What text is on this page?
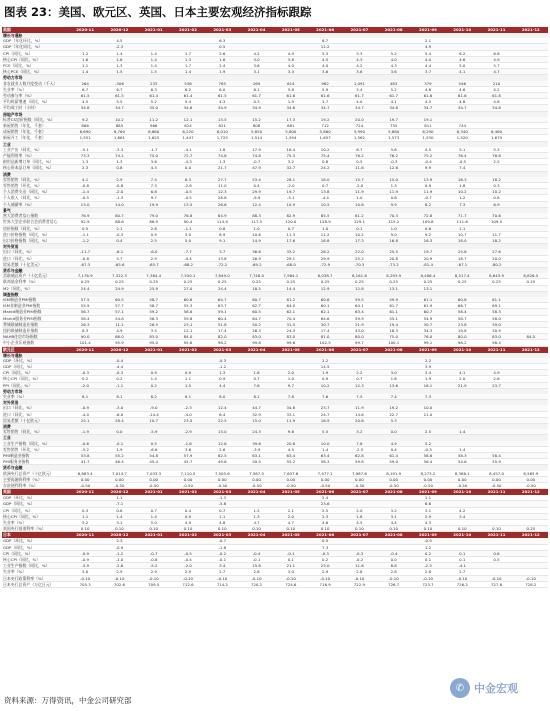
图表 23：美国、欧元区、英国、日本主要宏观经济指标跟踪
美国	2020-11	2020-12	2021-01	2021-02	2021-03	2021-04	2021-05	2021-06	2021-07	2021-08	2021-09	2021-10	2021-11	2021-12
增长与通胀														
GDP（年化环比，%）		4.5			6.3			6.7			2.1			
GDP（年化同比，%）		-2.3			0.5			12.2			4.9			
CPI（同比，%）	1.2	1.4	1.4	1.7	2.6	4.2	4.9	5.3	5.3	5.2	5.4	6.2	6.8	
核心CPI（同比，%）	1.6	1.6	1.4	1.3	1.6	3.0	3.8	4.5	4.3	4.0	4.0	4.6	4.9	
PCE（同比，%）	1.1	1.3	1.4	1.7	2.4	3.6	4.0	4.0	4.2	4.3	4.4	5.0	5.7	
核心PCE（同比，%）	1.4	1.5	1.5	1.4	1.9	3.1	3.4	3.6	3.6	3.6	3.7	4.1	4.7	
劳动力市场														
非农就业人数月度变动（千人）	264	-306	233	536	785	269	614	962	1,091	483	379	546	210	
失业率（%）	6.7	6.7	6.3	6.2	6.0	6.1	5.8	5.9	5.4	5.2	4.8	4.6	4.2	
劳动参与率（%）	61.5	61.5	61.4	61.4	61.5	61.7	61.6	61.6	61.7	61.7	61.6	61.6	61.8	
平均时薪增速（同比，%）	4.5	5.5	5.2	5.4	4.3	0.3	1.9	3.7	4.0	4.1	4.5	4.8	4.8	
平均周工时（小时）	34.8	34.7	35.0	34.6	34.9	34.9	34.8	34.7	34.7	34.8	34.7	34.7	34.8	
房地产市场														
标普CS房价指数（同比，%）	9.2	10.2	11.2	12.1	13.5	15.2	17.3	19.2	20.0	19.7	19.1			
新屋销售（年化，千套）	866	885	966	824	821	808	681	712	724	735	811	744		
成屋销售（年化，千套）	6,690	6,760	6,660	6,220	6,010	5,850	5,800	5,860	5,990	5,880	6,290	6,340	6,460	
新屋开工（年化，千套）	1,551	1,661	1,625	1,447	1,725	1,514	1,594	1,657	1,562	1,573	1,530	1,520	1,679	
工业														
工业产出（同比，%）	-5.1	-3.3	-1.7	-4.1	1.8	17.9	16.4	10.2	6.7	5.6	4.5	5.1	5.3	
产能利用率（%）	73.3	74.1	75.0	72.7	74.8	74.8	75.3	75.4	76.2	76.2	75.2	76.4	76.8	
耐用品新增订单（同比，%）	1.3	1.3	3.6	-4.3	1.3	-0.7	3.2	0.8	0.5	-0.3	-0.4	-0.5	2.5	
核心资本品订单（同比，%）	2.3	0.8	4.3	0.0	21.7	47.9	32.7	24.2	11.6	12.6	9.9	7.4		
消费														
零售销售（同比，%）	4.1	2.9	7.4	6.3	27.7	53.4	28.1	18.0	15.7	15.0	13.9	16.3	18.2	
零售销售（环比，%）	-0.8	-0.8	7.3	-2.8	11.0	0.4	-2.0	0.7	-2.0	1.3	0.9	1.8	0.3	
个人消费支出（同比，%）	-1.4	-2.0	6.8	-0.5	12.3	29.9	19.7	13.8	11.9	11.9	11.9	10.2	10.2	
个人收入（同比，%）	-0.5	-1.3	9.7	-0.5	28.8	-9.9	-5.1	-4.4	1.0	0.8	-0.7	1.2	0.8	
个人储蓄率（%）	13.0	14.0	19.9	13.5	26.6	12.4	10.9	10.5	10.6	9.9	8.2	7.3	6.9	
景气														
密大消费者信心指数	76.9	80.7	79.0	76.8	84.9	88.3	82.9	85.5	81.2	70.3	72.8	71.7	70.6	
世界大型企业联合会消费者信心	92.9	88.6	88.9	90.4	114.9	117.5	120.0	128.9	129.1	115.2	109.8	111.6	109.5	
房价指数（同比，%）	0.5	2.1	2.8	-1.1	0.6	1.0	0.7	1.0	0.1	1.0	0.6	1.1		
进口价格指数（同比，%）	-1.1	-0.3	0.9	3.0	6.9	10.6	11.3	11.2	10.2	9.0	9.2	10.7	11.7	
出口价格指数（同比，%）	-1.2	0.4	2.5	5.0	9.1	14.9	17.6	16.8	17.3	16.8	16.3	18.0	18.2	
对外贸易														
出口（同比，%）	-11.7	-6.1	-6.0	-7.7	3.7	36.6	33.2	28.2	22.0	25.5	19.7	25.8	27.6	
进口（同比，%）	-0.8	5.7	2.9	-0.4	13.8	26.9	29.1	29.9	25.2	20.8	20.9	18.7	20.0	
贸易差额（十亿美元）	-67.3	-65.6	-65.7	-68.2	-72.2	-69.2	-68.0	-72.9	-70.3	-73.2	-81.4	-67.1	-80.2	
货币与金融														
美联储总资产（十亿美元）	7,176.9	7,322.3	7,364.4	7,550.1	7,849.0	7,748.0	7,964.1	8,038.7	8,161.8	8,293.9	8,406.4	8,517.4	8,643.9	8,826.5
联邦基金利率（%）	0.25	0.25	0.25	0.25	0.25	0.25	0.25	0.25	0.25	0.25	0.25	0.25	0.25	0.25
M2（同比，%）	24.4	24.9	25.9	27.0	24.4	18.5	14.4	12.9	12.8	13.1	13.1			
调查指数														
ISM制造业PMI指数	57.5	60.5	58.7	60.8	64.7	60.7	61.2	60.6	59.5	59.9	61.1	60.8	61.1	
ISM非制造业PMI指数	55.9	57.7	58.7	55.3	63.7	62.7	64.0	60.1	64.1	61.7	61.9	66.7	69.1	
Markit制造业PMI指数	56.7	57.1	59.2	58.6	59.1	60.5	62.1	62.1	63.4	61.1	60.7	58.4	58.3	
Markit服务业PMI指数	58.4	54.8	58.3	59.8	60.4	64.7	70.4	64.6	59.9	55.1	54.9	58.7	58.0	
费城联储制造业指数	26.3	11.1	26.5	23.1	51.8	50.2	31.5	30.7	21.9	19.4	30.7	23.8	39.0	
纽约联储制造业指数	6.3	4.9	3.5	12.1	17.4	26.3	24.3	17.4	43.0	18.3	34.3	19.8	30.9	
NAHB住房市场指数	90.0	86.0	83.0	84.0	82.0	83.0	83.0	81.0	80.0	75.0	76.0	80.0	83.0	84.0
中小企业乐观指数	101.4	95.9	95.0	95.8	98.2	99.8	99.6	102.5	99.7	100.1	99.1	98.2	98.4	
欧元区	2020-11	2020-12	2021-01	2021-02	2021-03	2021-04	2021-05	2021-06	2021-07	2021-08	2021-09	2021-10	2021-11	2021-12
增长与通胀														
GDP（环比，%）		-0.4			-0.3			2.2			2.2			
GDP（同比，%）		-4.4			-1.2			14.5			3.9			
CPI（同比，%）	-0.3	-0.3	0.9	0.9	1.3	1.6	2.0	1.9	2.2	3.0	3.4	4.1	4.9	
核心CPI（同比，%）	0.2	0.2	1.4	1.1	0.9	0.7	1.0	0.9	0.7	1.6	1.9	2.0	2.6	
PPI（同比，%）	-2.0	-1.1	0.2	1.5	4.4	7.6	9.7	10.2	12.3	13.6	16.1	21.9	23.7	
劳动力市场														
失业率（%）	8.1	8.1	8.2	8.1	8.0	8.1	7.8	7.6	7.5	7.4	7.3			
对外贸易														
出口（同比，%）	-0.9	-3.0	-9.0	-2.3	12.4	44.7	34.8	23.7	11.9	19.2	10.0			
进口（同比，%）	-4.0	-6.0	-14.4	-4.0	6.4	32.9	33.1	24.7	14.6	22.7	21.0			
贸易差额（十亿欧元）	25.1	28.4	10.7	23.5	22.5	15.0	11.9	16.9	20.6	5.3				
消费														
零售销售（同比，%）	-1.9	0.0	-5.9	-2.9	13.0	24.3	9.6	5.5	3.2	0.0	2.5	1.4		
工业														
工业生产指数（同比，%）	-0.6	-0.1	0.5	-1.6	12.6	39.6	20.6	10.0	7.8	4.9	5.2			
零售销售（环比，%）	-5.2	1.9	-6.6	3.6	2.6	-3.9	4.5	1.4	-2.5	0.4	-0.3	1.4		
PMI制造业指数	53.8	55.2	54.8	57.9	62.5	63.1	63.4	63.4	62.8	61.4	58.6	58.3	58.4	
PMI服务业指数	41.7	46.4	45.4	45.7	49.6	50.5	55.2	58.3	59.8	59.0	56.4	54.6	55.9	
货币与金融														
欧洲央行总资产（十亿欧元）	6,883.4	7,014.7	7,033.3	7,110.5	7,505.6	7,587.5	7,657.6	7,977.1	7,987.6	8,191.9	8,273.2	8,386.1	8,457.0	8,565.9
主要再融资利率（%）	0.00	0.00	0.00	0.00	0.00	0.00	0.00	0.00	0.00	0.00	0.00	0.00	0.00	0.00
存款便利利率（%）	-0.50	-0.50	-0.50	-0.50	-0.50	-0.50	-0.50	-0.50	-0.50	-0.50	-0.50	-0.50	-0.50	-0.50
英国	2020-11	2020-12	2021-01	2021-02	2021-03	2021-04	2021-05	2021-06	2021-07	2021-08	2021-09	2021-10	2021-11	2021-12
GDP（环比，%）		1.1			-1.3			5.4			1.1			
GDP（同比，%）		-7.1			-5.8			23.6			6.6			
CPI（同比，%）	0.3	0.6	0.7	0.4	0.7	1.5	2.1	2.5	2.0	3.2	3.1	4.2		
核心CPI（同比，%）	1.1	1.4	1.4	0.9	1.1	1.3	2.0	2.3	1.8	3.1	2.9	3.4		
失业率（%）	5.2	5.1	5.0	4.9	4.8	4.7	4.7	4.6	4.5	4.4	4.3			
英国央行基准利率（%）	0.10	0.10	0.10	0.10	0.10	0.10	0.10	0.10	0.10	0.10	0.10	0.10	0.10	0.25
日本	2020-11	2020-12	2021-01	2021-02	2021-03	2021-04	2021-05	2021-06	2021-07	2021-08	2021-09	2021-10	2021-11	2021-12
GDP（环比，%）		2.3			-0.7			0.5			-0.9			
GDP（同比，%）		-0.9			-1.8			7.3			1.2			
CPI（同比，%）	-0.9	-1.2	-0.7	-0.5	-0.2	-0.4	-0.1	-0.3	-0.3	-0.4	0.2	0.1	0.6	
核心CPI（同比，%）	-0.9	-1.0	-0.6	-0.4	-0.1	-0.1	0.1	0.2	-0.2	0.0	0.1	0.1	0.5	
工业生产指数（同比，%）	-3.9	-2.6	-5.2	-2.0	3.4	15.8	21.1	23.0	11.6	8.8	-2.3	-4.1		
失业率（%）	3.0	2.9	2.9	2.9	2.7	2.8	3.0	2.9	2.8	2.8	2.8	2.7		
日本央行政策利率（%）	-0.10	-0.10	-0.10	-0.10	-0.10	-0.10	-0.10	-0.10	-0.10	-0.10	-0.10	-0.10	-0.10	-0.10
日本央行总资产（万亿日元）	705.3	702.6	709.5	712.6	714.2	720.2	724.6	716.9	722.9	726.7	723.7	726.2	727.8	728.2
资料来源：万得资讯，中金公司研究部
✆ 中金宏观
